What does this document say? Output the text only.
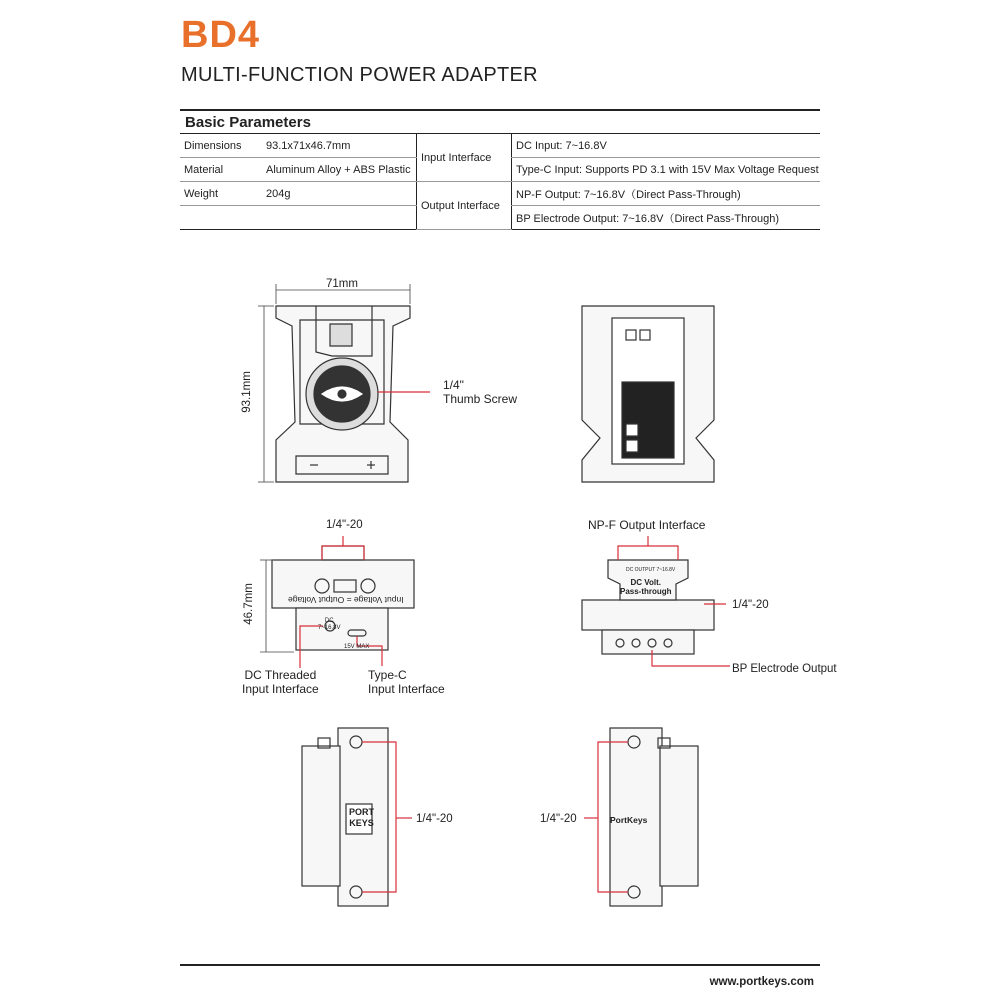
BD4
MULTI-FUNCTION POWER ADAPTER
Basic Parameters
Dimensions	93.1x71x46.7mm	Input Interface	DC Input: 7~16.8V
Material	Aluminum Alloy + ABS Plastic		Type-C Input: Supports PD 3.1 with 15V Max Voltage Request
Weight	204g	Output Interface	NP-F Output: 7~16.8V（Direct Pass-Through)
			BP Electrode Output: 7~16.8V（Direct Pass-Through)
71mm
93.1mm	1/4"
Thumb Screw
1/4"-20
46.7mm	Input Voltage = Output Voltage
DC
7~16.8V
15V MAX
DC Threaded
Input Interface
Type-C
Input Interface
NP-F Output Interface
DC OUTPUT 7~16.8V
DC Volt.
Pass-through
1/4"-20
BP Electrode Output
1/4"-20
PORT
KEYS	1/4"-20	PortKeys
www.portkeys.com
